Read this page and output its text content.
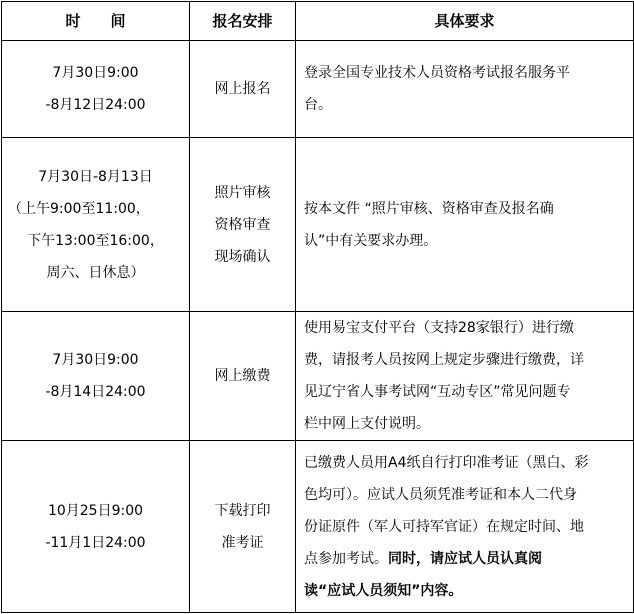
时　　间	报名安排	具体要求

7月30日9:00
-8月12日24:00	网上报名	登录全国专业技术人员资格考试报名服务平
台。

7月30日-8月13日
（上午9:00至11:00，
下午13:00至16:00，
周六、日休息）	照片审核
资格审查
现场确认	按本文件 “照片审核、资格审查及报名确
认”中有关要求办理。

7月30日9:00
-8月14日24:00	网上缴费	使用易宝支付平台（支持28家银行）进行缴
费，请报考人员按网上规定步骤进行缴费，详
见辽宁省人事考试网“互动专区”常见问题专
栏中网上支付说明。

10月25日9:00
-11月1日24:00	下载打印
准考证	已缴费人员用A4纸自行打印准考证（黑白、彩
色均可）。应试人员须凭准考证和本人二代身
份证原件（军人可持军官证）在规定时间、地
点参加考试。同时，请应试人员认真阅
读“应试人员须知”内容。
